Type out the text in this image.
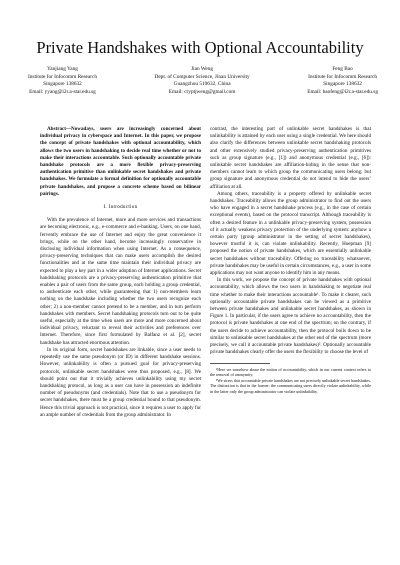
Private Handshakes with Optional Accountability
Yanjiang Yang
Institute for Infocomm Research
Singapore 138632
Email: yyang@i2r.a-star.edu.sg
Jian Weng
Dept. of Computer Science, Jinan University
Guangzhou 510632, China
Email: cryptjweng@gmail.com
Feng Bao
Institute for Infocomm Research
Singapore 138632
Email: baofeng@i2r.a-star.edu.sg

Abstract—Nowadays, users are increasingly concerned about individual privacy in cyberspace and Internet. In this paper, we propose the concept of private handshakes with optional accountability, which allows the two users in handshaking to decide real time whether or not to make their interactions accountable. Such optionally accountable private handshake protocols are a more flexible privacy-preserving authentication primitive than unlinkable secret handshakes and private handshakes. We formulate a formal definition for optionally accountable private handshakes, and propose a concrete scheme based on bilinear pairings.

I. Introduction

With the prevalence of Internet, more and more services and transactions are becoming electronic, e.g., e-commerce and e-banking. Users, on one hand, fervently embrace the use of Internet and enjoy the great convenience it brings, while on the other hand, become increasingly conservative in disclosing individual information when using Internet. As a consequence, privacy-preserving techniques that can make users accomplish the desired functionalities and at the same time maintain their individual privacy are expected to play a key part in a wider adoption of Internet applications. Secret handshaking protocols are a privacy-preserving authentication primitive that enables a pair of users from the same group, each holding a group credential, to authenticate each other, while guaranteeing that 1) non-members learn nothing on the handshake including whether the two users recognize each other; 2) a non-member cannot pretend to be a member, and in turn perform handshakes with members. Secret handshaking protocols turn out to be quite useful, especially at the time when users are more and more concerned about individual privacy, reluctant to reveal their activities and preferences over Internet. Therefore, since first formulated by Balfanz et al. [2], secret handshake has attracted enormous attention.

In its original form, secret handshakes are linkable, since a user needs to repeatedly use the same pseudonym (or ID) in different handshake sessions. However, unlinkability is often a pursued goal for privacy-preserving protocols, unlinkable secret handshakes were thus proposed, e.g., [8]. We should point out that it trivially achieves unlinkability using my secret handshaking protocol, as long as a user can have in possession an indefinite number of pseudonyms (and credentials). Note that to use a pseudonym for secret handshakes, there must be a group credential bound to that pseudonym. Hence this trivial approach is not practical, since it requires a user to apply for an ample number of credentials from the group administrator. In

contrast, the interesting part of unlinkable secret handshakes is that unlinkability is attained by each user using a single credential. We here should also clarify the differences between unlinkable secret handshaking protocols and other extensively studied privacy-preserving authentication primitives such as group signature (e.g., [1]) and anonymous credential (e.g., [6]): unlinkable secret handshakes are affiliation-hiding in the sense that non-members cannot learn to which group the communicating users belong; but group signature and anonymous credential do not intend to hide the users’ affiliation at all.

Among others, traceability is a property offered by unlinkable secret handshakes. Traceability allows the group administrator to find out the users who have engaged in a secret handshake process (e.g., in the case of certain exceptional events), based on the protocol transcript. Although traceability is often a desired feature in a unlinkable privacy-preserving system, possession of it actually weakens privacy protection of the underlying system: anyhow a certain party (group administrator in the setting of secret handshakes), however trustful it is, can violate unlinkability. Recently, Hoepman [9] proposed the notion of private handshakes, which are essentially unlinkable secret handshakes without traceability. Offering no traceability whatsoever, private handshakes may be useful in certain circumstances, e.g., a user in some applications may not want anyone to identify him in any means.

In this work, we propose the concept of private handshakes with optional accountability, which allows the two users in handshaking to negotiate real time whether to make their interactions accountable¹. To make it clearer, such optionally accountable private handshakes can be viewed as a primitive between private handshakes and unlinkable secret handshakes, as shown in Figure 1. In particular, if the users agree to achieve no accountability, then the protocol is private handshakes at one end of the spectrum; on the contrary, if the users decide to achieve accountability, then the protocol boils down to be similar to unlinkable secret handshakes at the other end of the spectrum (more precisely, we call it accountable private handshakes)². Optionally accountable private handshakes clearly offer the users the flexibility to choose the level of

¹Here we somehow abuse the notion of accountability, which in our current context refers to the removal of anonymity.
²We stress that accountable private handshakes are not precisely unlinkable secret handshakes. The distinction is that in the former, the communicating users directly violate unlinkability, while in the latter only the group administrator can violate unlinkability.
